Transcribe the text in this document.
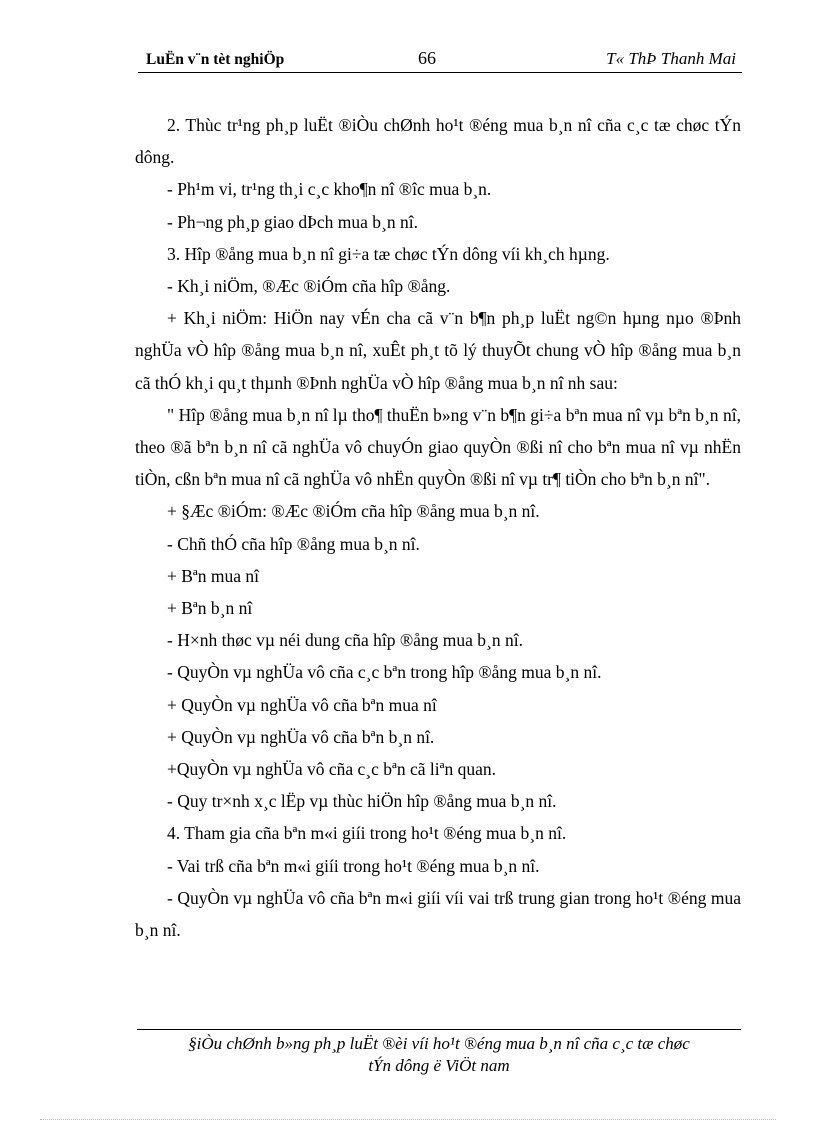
LuËn v¨n tèt nghiÖp	66	T« ThÞ Thanh Mai

2. Thùc tr¹ng ph¸p luËt ®iÒu chØnh ho¹t ®éng mua b¸n nî cña c¸c tæ chøc tÝn dông.

- Ph¹m vi, tr¹ng th¸i c¸c kho¶n nî ®îc mua b¸n.

- Ph¬ng ph¸p giao dÞch mua b¸n nî.

3. Hîp ®ång mua b¸n nî gi÷a tæ chøc tÝn dông víi kh¸ch hµng.

- Kh¸i niÖm, ®Æc ®iÓm cña hîp ®ång.

+ Kh¸i niÖm: HiÖn nay vÉn cha cã v¨n b¶n ph¸p luËt ng©n hµng nµo ®Þnh nghÜa vÒ hîp ®ång mua b¸n nî, xuÊt ph¸t tõ lý thuyÕt chung vÒ hîp ®ång mua b¸n cã thÓ kh¸i qu¸t thµnh ®Þnh nghÜa vÒ hîp ®ång mua b¸n nî nh sau:

" Hîp ®ång mua b¸n nî lµ tho¶ thuËn b»ng v¨n b¶n gi÷a bªn mua nî vµ bªn b¸n nî, theo ®ã bªn b¸n nî cã nghÜa vô chuyÓn giao quyÒn ®ßi nî cho bªn mua nî vµ nhËn tiÒn, cßn bªn mua nî cã nghÜa vô nhËn quyÒn ®ßi nî vµ tr¶ tiÒn cho bªn b¸n nî".

+ §Æc ®iÓm: ®Æc ®iÓm cña hîp ®ång mua b¸n nî.

- Chñ thÓ cña hîp ®ång mua b¸n nî.

+ Bªn mua nî

+ Bªn b¸n nî

- H×nh thøc vµ néi dung cña hîp ®ång mua b¸n nî.

- QuyÒn vµ nghÜa vô cña c¸c bªn trong hîp ®ång mua b¸n nî.

+ QuyÒn vµ nghÜa vô cña bªn mua nî

+ QuyÒn vµ nghÜa vô cña bªn b¸n nî.

+QuyÒn vµ nghÜa vô cña c¸c bªn cã liªn quan.

- Quy tr×nh x¸c lËp vµ thùc hiÖn hîp ®ång mua b¸n nî.

4. Tham gia cña bªn m«i giíi trong ho¹t ®éng mua b¸n nî.

- Vai trß cña bªn m«i giíi trong ho¹t ®éng mua b¸n nî.

- QuyÒn vµ nghÜa vô cña bªn m«i giíi víi vai trß trung gian trong ho¹t ®éng mua b¸n nî.

§iÒu chØnh b»ng ph¸p luËt ®èi víi ho¹t ®éng mua b¸n nî cña c¸c tæ chøc
tÝn dông ë ViÖt nam
